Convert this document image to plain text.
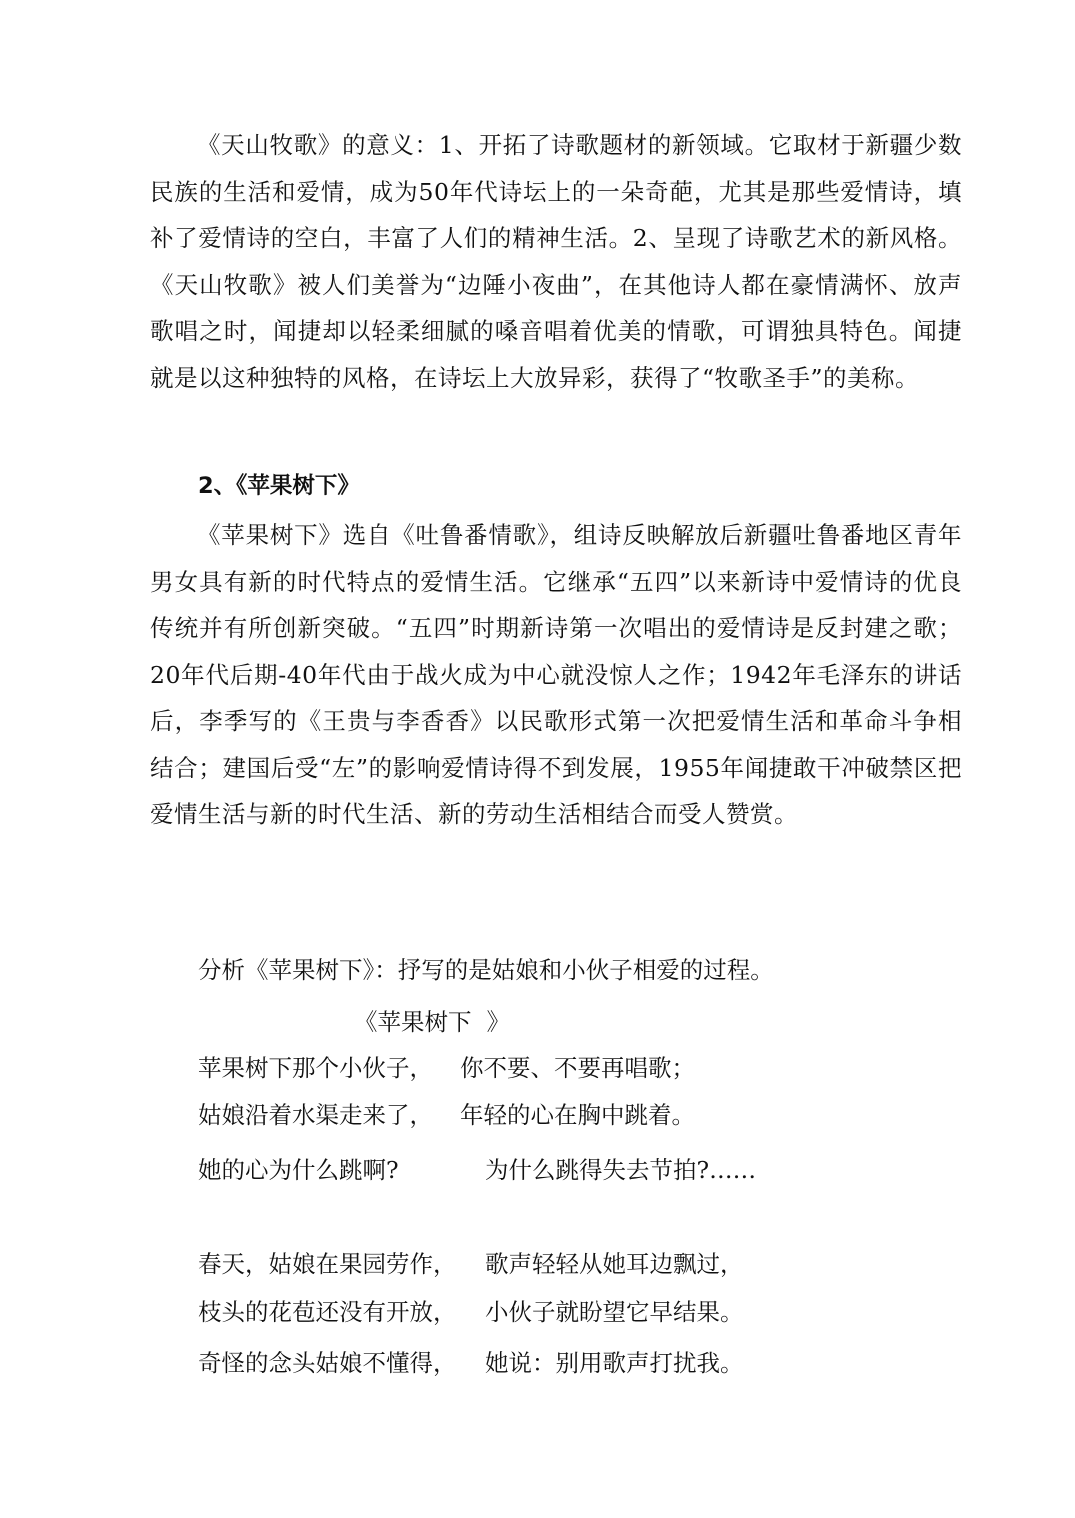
《天山牧歌》的意义：1、开拓了诗歌题材的新领域。它取材于新疆少数民族的生活和爱情，成为50年代诗坛上的一朵奇葩，尤其是那些爱情诗，填补了爱情诗的空白，丰富了人们的精神生活。2、呈现了诗歌艺术的新风格。《天山牧歌》被人们美誉为“边陲小夜曲”，在其他诗人都在豪情满怀、放声歌唱之时，闻捷却以轻柔细腻的嗓音唱着优美的情歌，可谓独具特色。闻捷就是以这种独特的风格，在诗坛上大放异彩，获得了“牧歌圣手”的美称。

2、《苹果树下》

《苹果树下》选自《吐鲁番情歌》，组诗反映解放后新疆吐鲁番地区青年男女具有新的时代特点的爱情生活。它继承“五四”以来新诗中爱情诗的优良传统并有所创新突破。“五四”时期新诗第一次唱出的爱情诗是反封建之歌；20年代后期-40年代由于战火成为中心就没惊人之作；1942年毛泽东的讲话后，李季写的《王贵与李香香》以民歌形式第一次把爱情生活和革命斗争相结合；建国后受“左”的影响爱情诗得不到发展，1955年闻捷敢干冲破禁区把爱情生活与新的时代生活、新的劳动生活相结合而受人赞赏。

分析《苹果树下》：抒写的是姑娘和小伙子相爱的过程。

《苹果树下  》

苹果树下那个小伙子，

你不要、不要再唱歌；

姑娘沿着水渠走来了，

年轻的心在胸中跳着。

她的心为什么跳啊?

	为什么跳得失去节拍?……

春天，姑娘在果园劳作，

歌声轻轻从她耳边飘过，

枝头的花苞还没有开放，

小伙子就盼望它早结果。

奇怪的念头姑娘不懂得，

她说：别用歌声打扰我。
